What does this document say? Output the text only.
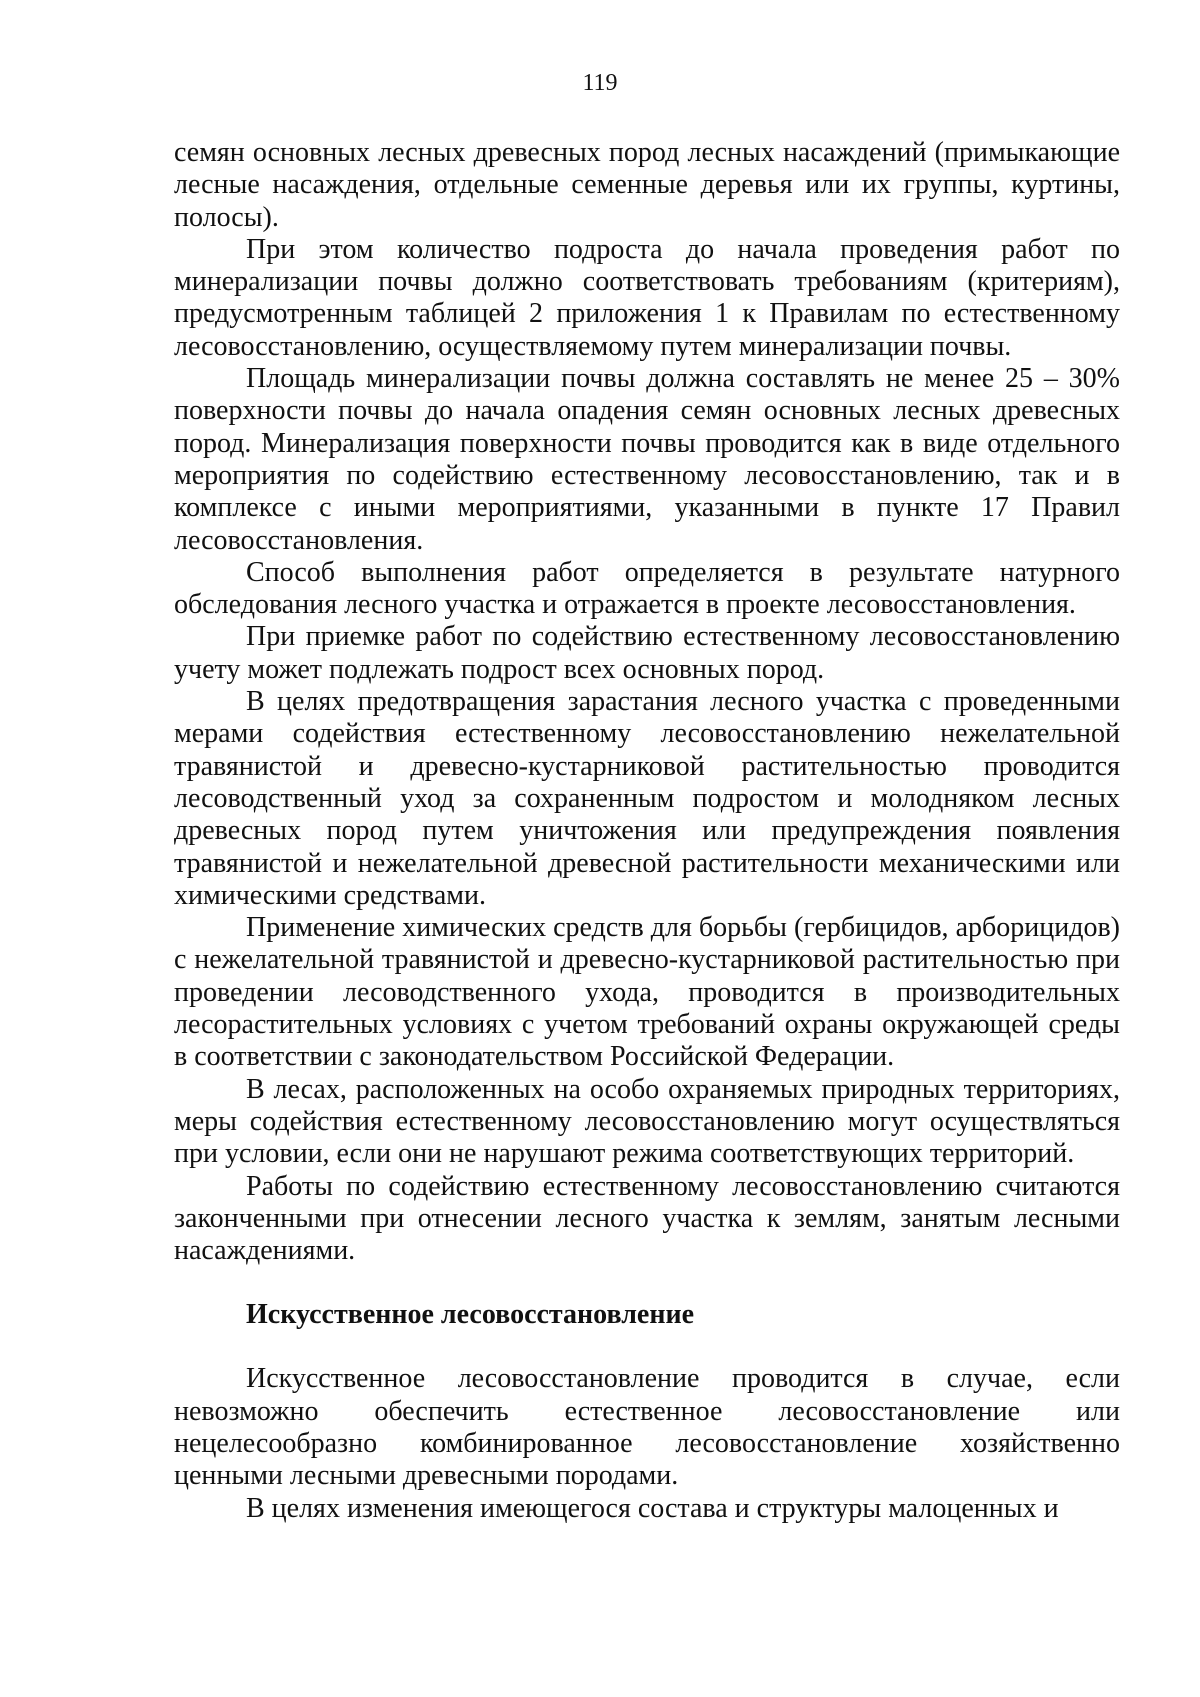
119

семян основных лесных древесных пород лесных насаждений (примыкающие лесные насаждения, отдельные семенные деревья или их группы, куртины, полосы).

При этом количество подроста до начала проведения работ по минерализации почвы должно соответствовать требованиям (критериям), предусмотренным таблицей 2 приложения 1 к Правилам по естественному лесовосстановлению, осуществляемому путем минерализации почвы.

Площадь минерализации почвы должна составлять не менее 25 – 30% поверхности почвы до начала опадения семян основных лесных древесных пород. Минерализация поверхности почвы проводится как в виде отдельного мероприятия по содействию естественному лесовосстановлению, так и в комплексе с иными мероприятиями, указанными в пункте 17 Правил лесовосстановления.

Способ выполнения работ определяется в результате натурного обследования лесного участка и отражается в проекте лесовосстановления.

При приемке работ по содействию естественному лесовосстановлению учету может подлежать подрост всех основных пород.

В целях предотвращения зарастания лесного участка с проведенными мерами содействия естественному лесовосстановлению нежелательной травянистой и древесно-кустарниковой растительностью проводится лесоводственный уход за сохраненным подростом и молодняком лесных древесных пород путем уничтожения или предупреждения появления травянистой и нежелательной древесной растительности механическими или химическими средствами.

Применение химических средств для борьбы (гербицидов, арборицидов) с нежелательной травянистой и древесно-кустарниковой растительностью при проведении лесоводственного ухода, проводится в производительных лесорастительных условиях с учетом требований охраны окружающей среды в соответствии с законодательством Российской Федерации.

В лесах, расположенных на особо охраняемых природных территориях, меры содействия естественному лесовосстановлению могут осуществляться при условии, если они не нарушают режима соответствующих территорий.

Работы по содействию естественному лесовосстановлению считаются законченными при отнесении лесного участка к землям, занятым лесными насаждениями.

Искусственное лесовосстановление

Искусственное лесовосстановление проводится в случае, если невозможно обеспечить естественное лесовосстановление или нецелесообразно комбинированное лесовосстановление хозяйственно ценными лесными древесными породами.

В целях изменения имеющегося состава и структуры малоценных и
